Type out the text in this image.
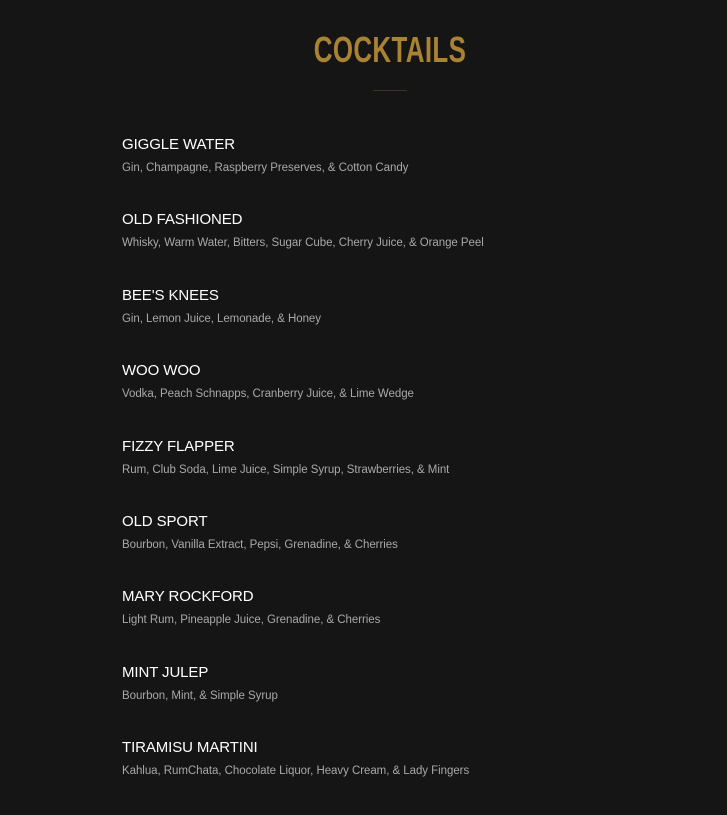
COCKTAILS
GIGGLE WATER
Gin, Champagne, Raspberry Preserves, & Cotton Candy
OLD FASHIONED
Whisky, Warm Water, Bitters, Sugar Cube, Cherry Juice, & Orange Peel
BEE'S KNEES
Gin, Lemon Juice, Lemonade, & Honey
WOO WOO
Vodka, Peach Schnapps, Cranberry Juice, & Lime Wedge
FIZZY FLAPPER
Rum, Club Soda, Lime Juice, Simple Syrup, Strawberries, & Mint
OLD SPORT
Bourbon, Vanilla Extract, Pepsi, Grenadine, & Cherries
MARY ROCKFORD
Light Rum, Pineapple Juice, Grenadine, & Cherries
MINT JULEP
Bourbon, Mint, & Simple Syrup
TIRAMISU MARTINI
Kahlua, RumChata, Chocolate Liquor, Heavy Cream, & Lady Fingers
